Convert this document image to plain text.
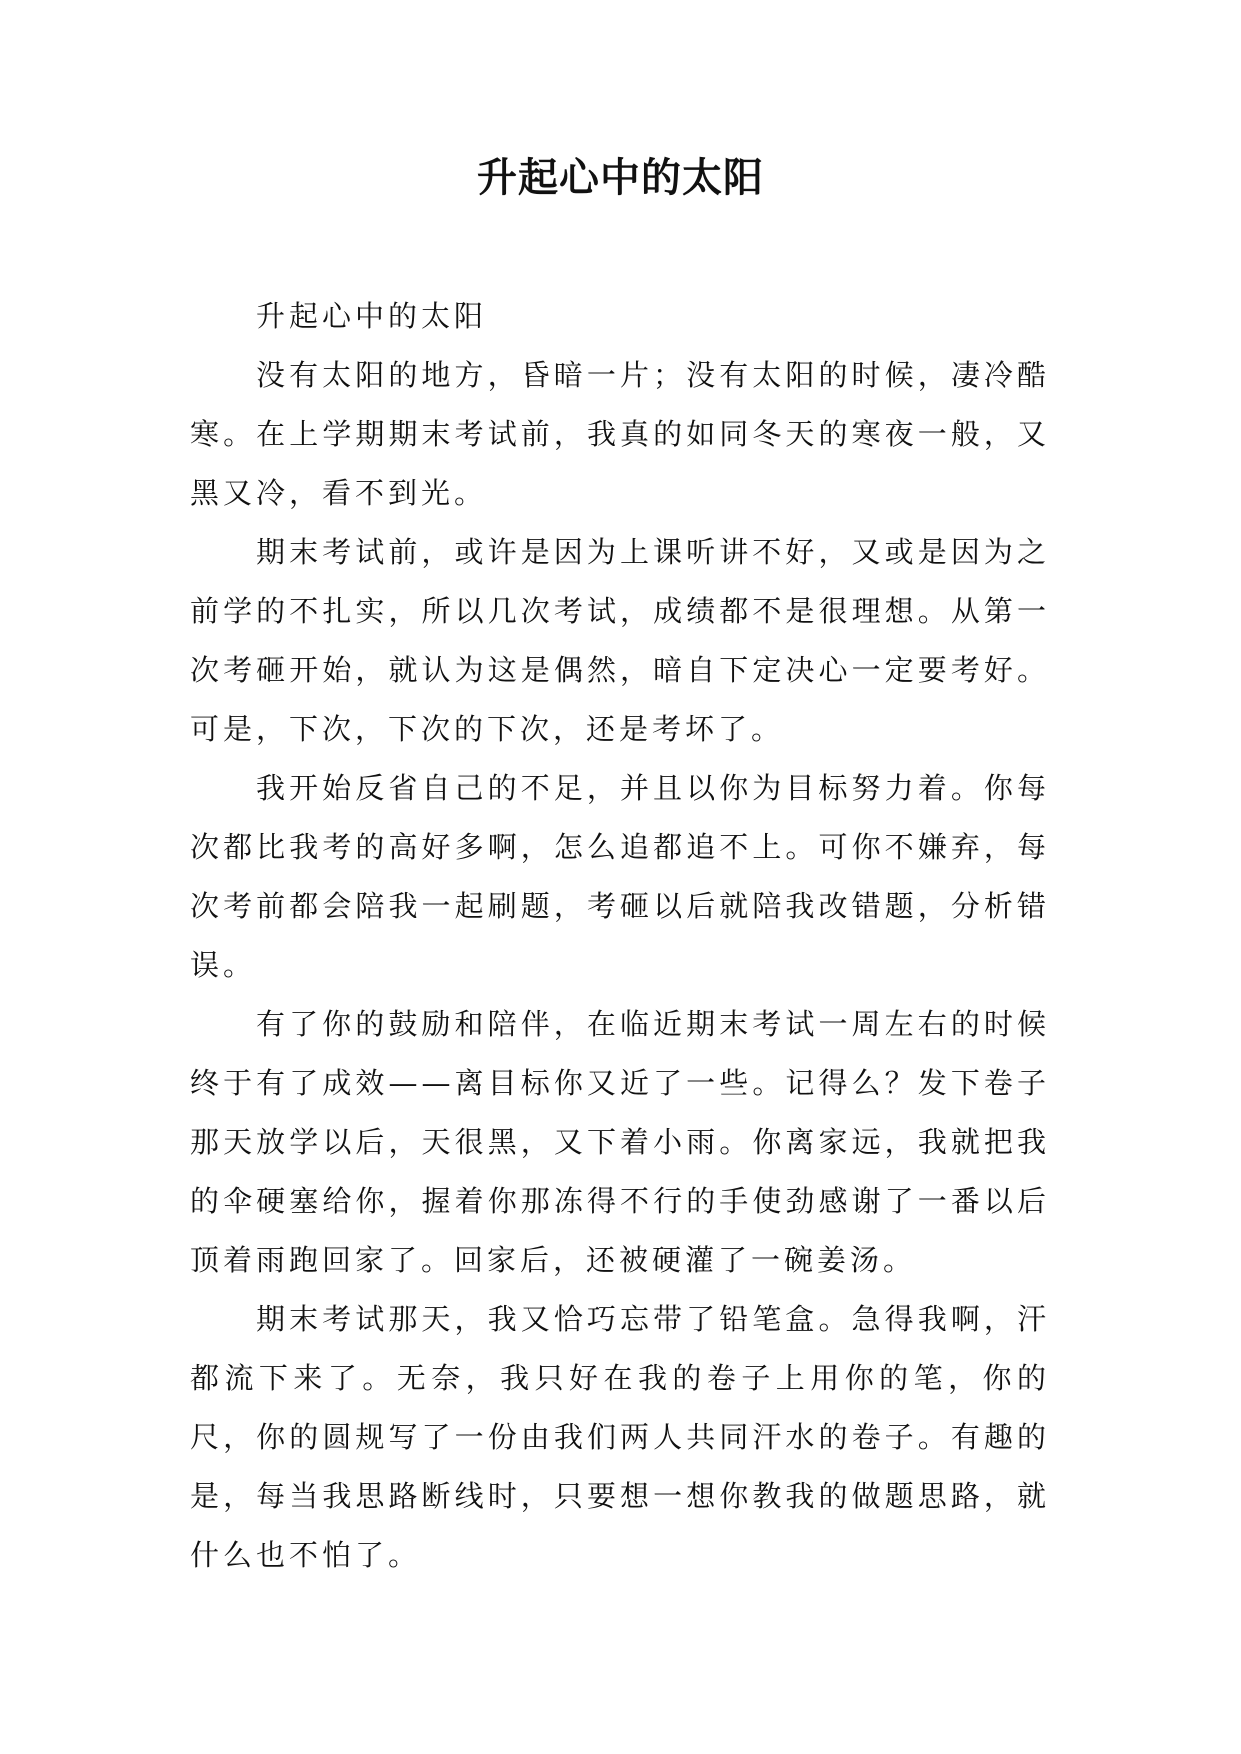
升起心中的太阳

升起心中的太阳

没有太阳的地方，昏暗一片；没有太阳的时候，凄冷酷寒。在上学期期末考试前，我真的如同冬天的寒夜一般，又黑又冷，看不到光。

期末考试前，或许是因为上课听讲不好，又或是因为之前学的不扎实，所以几次考试，成绩都不是很理想。从第一次考砸开始，就认为这是偶然，暗自下定决心一定要考好。可是，下次，下次的下次，还是考坏了。

我开始反省自己的不足，并且以你为目标努力着。你每次都比我考的高好多啊，怎么追都追不上。可你不嫌弃，每次考前都会陪我一起刷题，考砸以后就陪我改错题，分析错误。

有了你的鼓励和陪伴，在临近期末考试一周左右的时候终于有了成效——离目标你又近了一些。记得么？发下卷子那天放学以后，天很黑，又下着小雨。你离家远，我就把我的伞硬塞给你，握着你那冻得不行的手使劲感谢了一番以后顶着雨跑回家了。回家后，还被硬灌了一碗姜汤。

期末考试那天，我又恰巧忘带了铅笔盒。急得我啊，汗都流下来了。无奈，我只好在我的卷子上用你的笔，你的尺，你的圆规写了一份由我们两人共同汗水的卷子。有趣的是，每当我思路断线时，只要想一想你教我的做题思路，就什么也不怕了。
